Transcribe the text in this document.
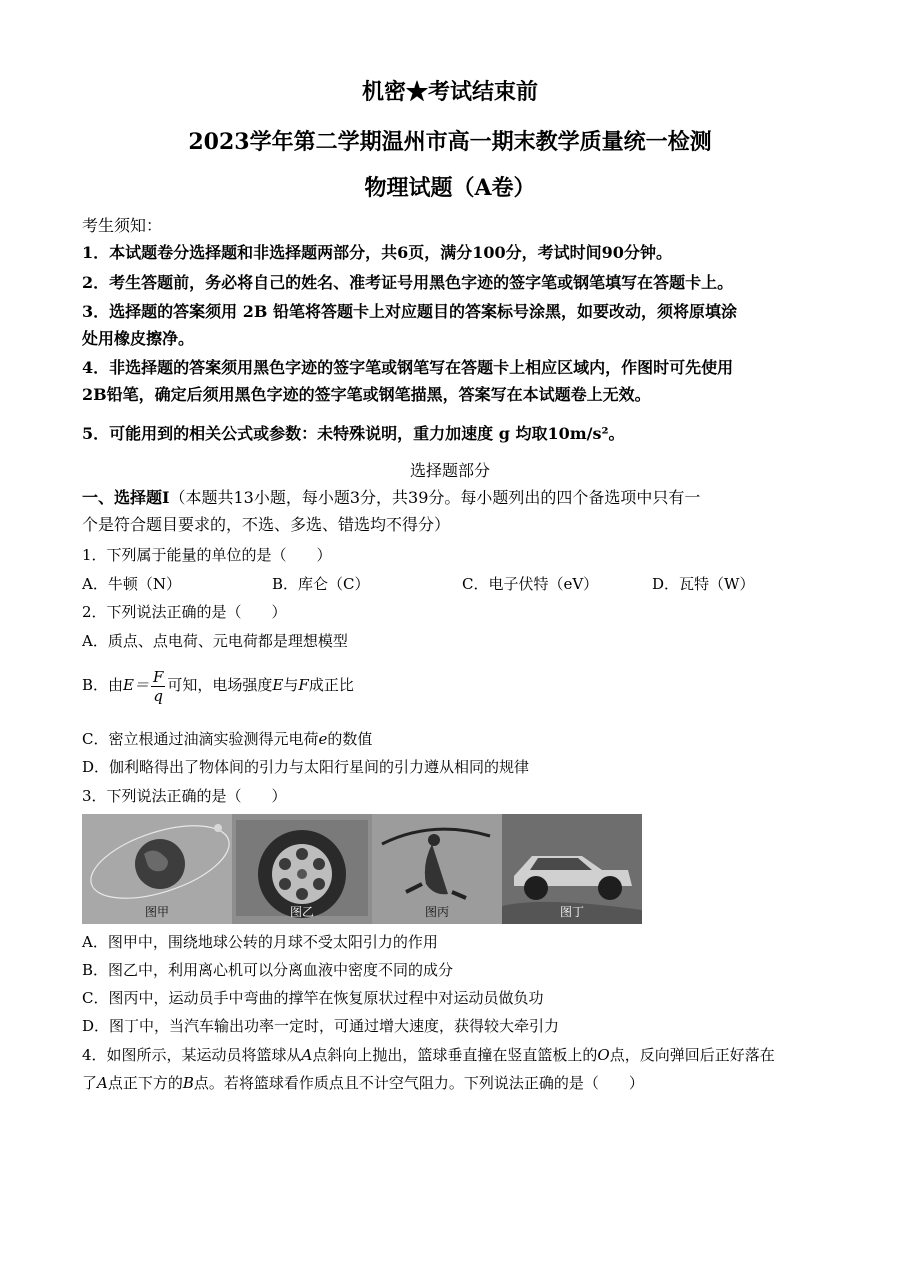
机密★考试结束前
2023学年第二学期温州市高一期末教学质量统一检测
物理试题（A卷）
考生须知：
1．本试题卷分选择题和非选择题两部分，共6页，满分100分，考试时间90分钟。
2．考生答题前，务必将自己的姓名、准考证号用黑色字迹的签字笔或钢笔填写在答题卡上。
3．选择题的答案须用 2B 铅笔将答题卡上对应题目的答案标号涂黑，如要改动，须将原填涂
处用橡皮擦净。
4．非选择题的答案须用黑色字迹的签字笔或钢笔写在答题卡上相应区域内，作图时可先使用
2B铅笔，确定后须用黑色字迹的签字笔或钢笔描黑，答案写在本试题卷上无效。
5．可能用到的相关公式或参数：未特殊说明，重力加速度 g 均取10m/s²。
选择题部分
一、选择题Ⅰ（本题共13小题，每小题3分，共39分。每小题列出的四个备选项中只有一
个是符合题目要求的，不选、多选、错选均不得分）
1．下列属于能量的单位的是（　　）
A．牛顿（N）	B．库仑（C）	C．电子伏特（eV）	D．瓦特（W）
2．下列说法正确的是（　　）
A．质点、点电荷、元电荷都是理想模型
B．由$E= \frac{F}{q}$ 可知，电场强度E与F成正比
C．密立根通过油滴实验测得元电荷e的数值
D．伽利略得出了物体间的引力与太阳行星间的引力遵从相同的规律
3．下列说法正确的是（　　）
图甲	图乙	图丙	图丁
A．图甲中，围绕地球公转的月球不受太阳引力的作用
B．图乙中，利用离心机可以分离血液中密度不同的成分
C．图丙中，运动员手中弯曲的撑竿在恢复原状过程中对运动员做负功
D．图丁中，当汽车输出功率一定时，可通过增大速度，获得较大牵引力
4．如图所示，某运动员将篮球从A点斜向上抛出，篮球垂直撞在竖直篮板上的O点，反向弹回后正好落在
了A点正下方的B点。若将篮球看作质点且不计空气阻力。下列说法正确的是（　　）
